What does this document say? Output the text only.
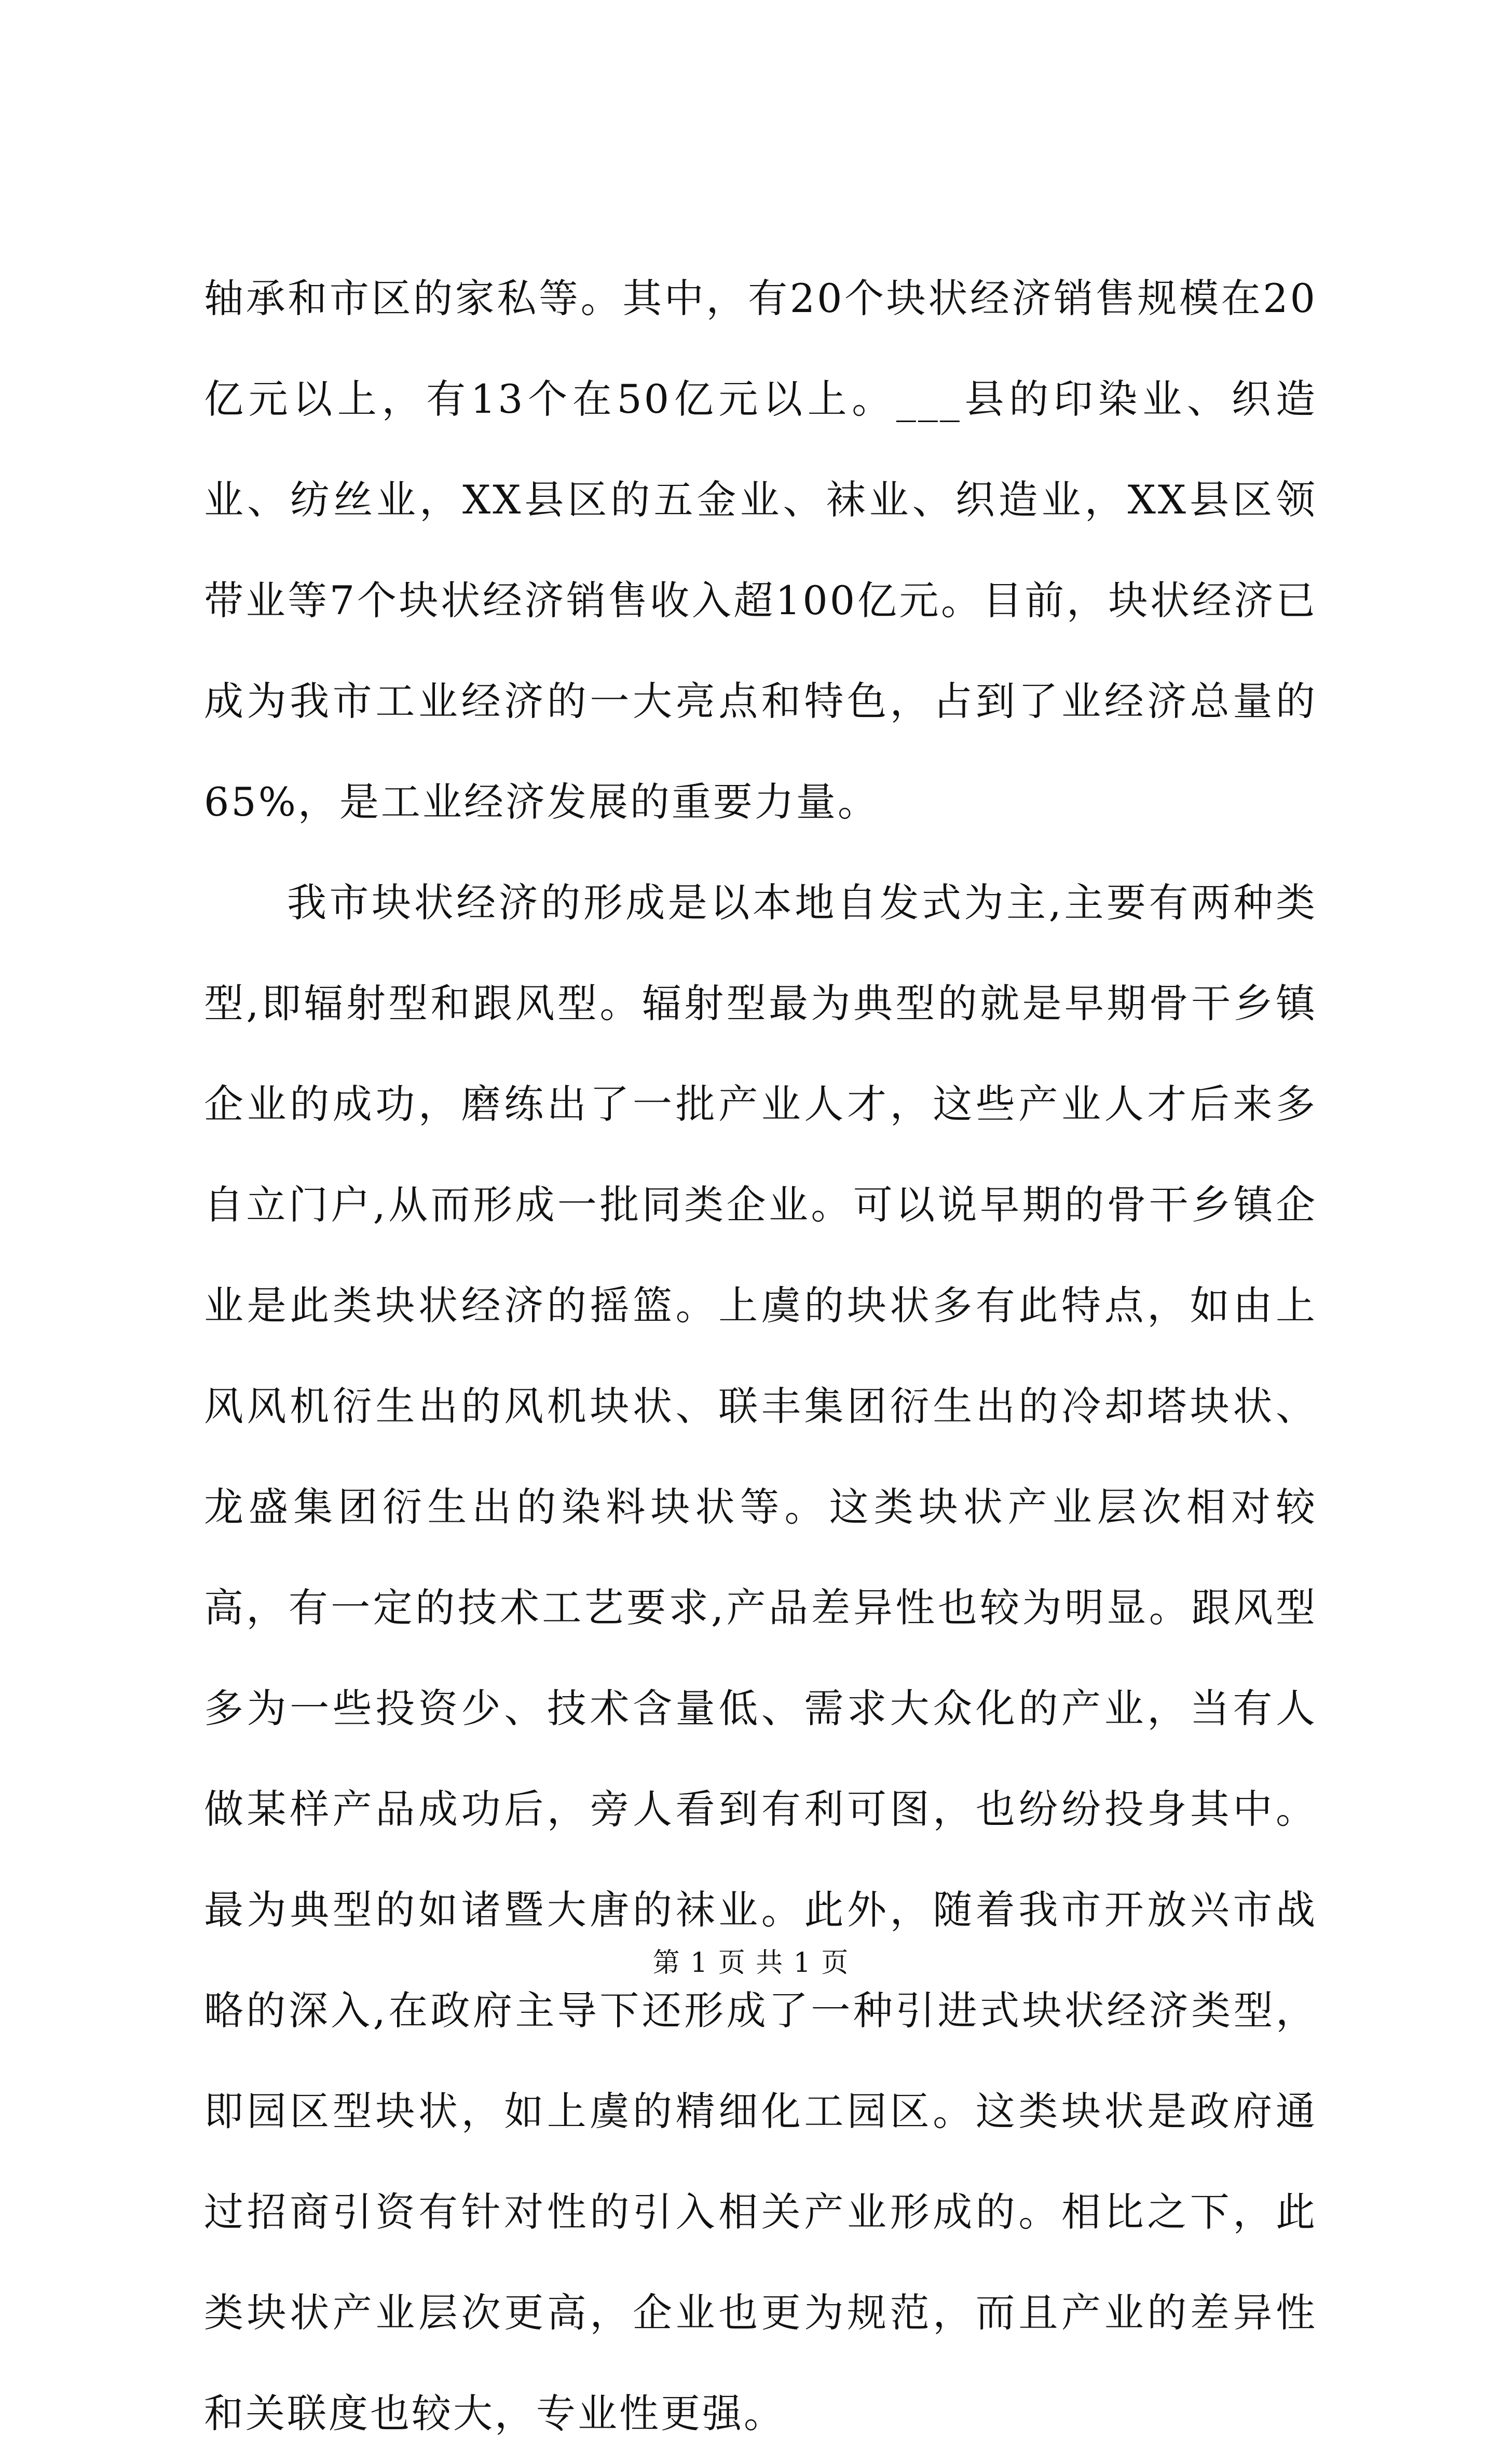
轴承和市区的家私等。其中，有20个块状经济销售规模在20亿元以上，有13个在50亿元以上。___县的印染业、织造业、纺丝业，XX县区的五金业、袜业、织造业，XX县区领带业等7个块状经济销售收入超100亿元。目前，块状经济已成为我市工业经济的一大亮点和特色，占到了业经济总量的65%，是工业经济发展的重要力量。

我市块状经济的形成是以本地自发式为主,主要有两种类型,即辐射型和跟风型。辐射型最为典型的就是早期骨干乡镇企业的成功，磨练出了一批产业人才，这些产业人才后来多自立门户,从而形成一批同类企业。可以说早期的骨干乡镇企业是此类块状经济的摇篮。上虞的块状多有此特点，如由上风风机衍生出的风机块状、联丰集团衍生出的冷却塔块状、龙盛集团衍生出的染料块状等。这类块状产业层次相对较高，有一定的技术工艺要求,产品差异性也较为明显。跟风型多为一些投资少、技术含量低、需求大众化的产业，当有人做某样产品成功后，旁人看到有利可图，也纷纷投身其中。最为典型的如诸暨大唐的袜业。此外，随着我市开放兴市战略的深入,在政府主导下还形成了一种引进式块状经济类型，即园区型块状，如上虞的精细化工园区。这类块状是政府通过招商引资有针对性的引入相关产业形成的。相比之下，此类块状产业层次更高，企业也更为规范，而且产业的差异性和关联度也较大，专业性更强。

第 1 页 共 1 页
